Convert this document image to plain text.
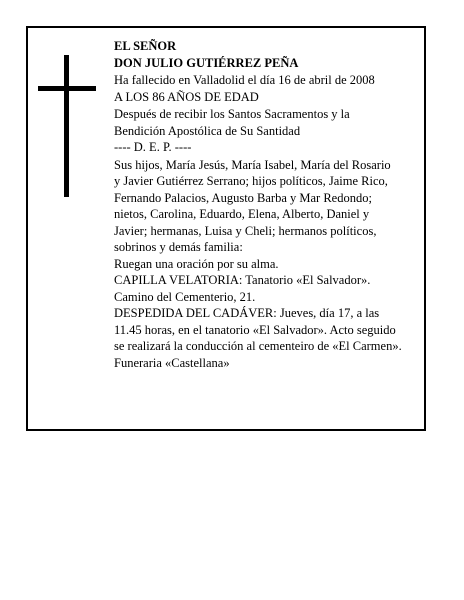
EL SEÑOR
DON JULIO GUTIÉRREZ PEÑA
Ha fallecido en Valladolid el día 16 de abril de 2008
A LOS 86 AÑOS DE EDAD
Después de recibir los Santos Sacramentos y la
Bendición Apostólica de Su Santidad
---- D. E. P. ----
Sus hijos, María Jesús, María Isabel, María del Rosario
y Javier Gutiérrez Serrano; hijos políticos, Jaime Rico,
Fernando Palacios, Augusto Barba y Mar Redondo;
nietos, Carolina, Eduardo, Elena, Alberto, Daniel y
Javier; hermanas, Luisa y Cheli; hermanos políticos,
sobrinos y demás familia:
Ruegan una oración por su alma.
CAPILLA VELATORIA: Tanatorio «El Salvador».
Camino del Cementerio, 21.
DESPEDIDA DEL CADÁVER: Jueves, día 17, a las
11.45 horas, en el tanatorio «El Salvador». Acto seguido
se realizará la conducción al cementeiro de «El Carmen».
Funeraria «Castellana»
